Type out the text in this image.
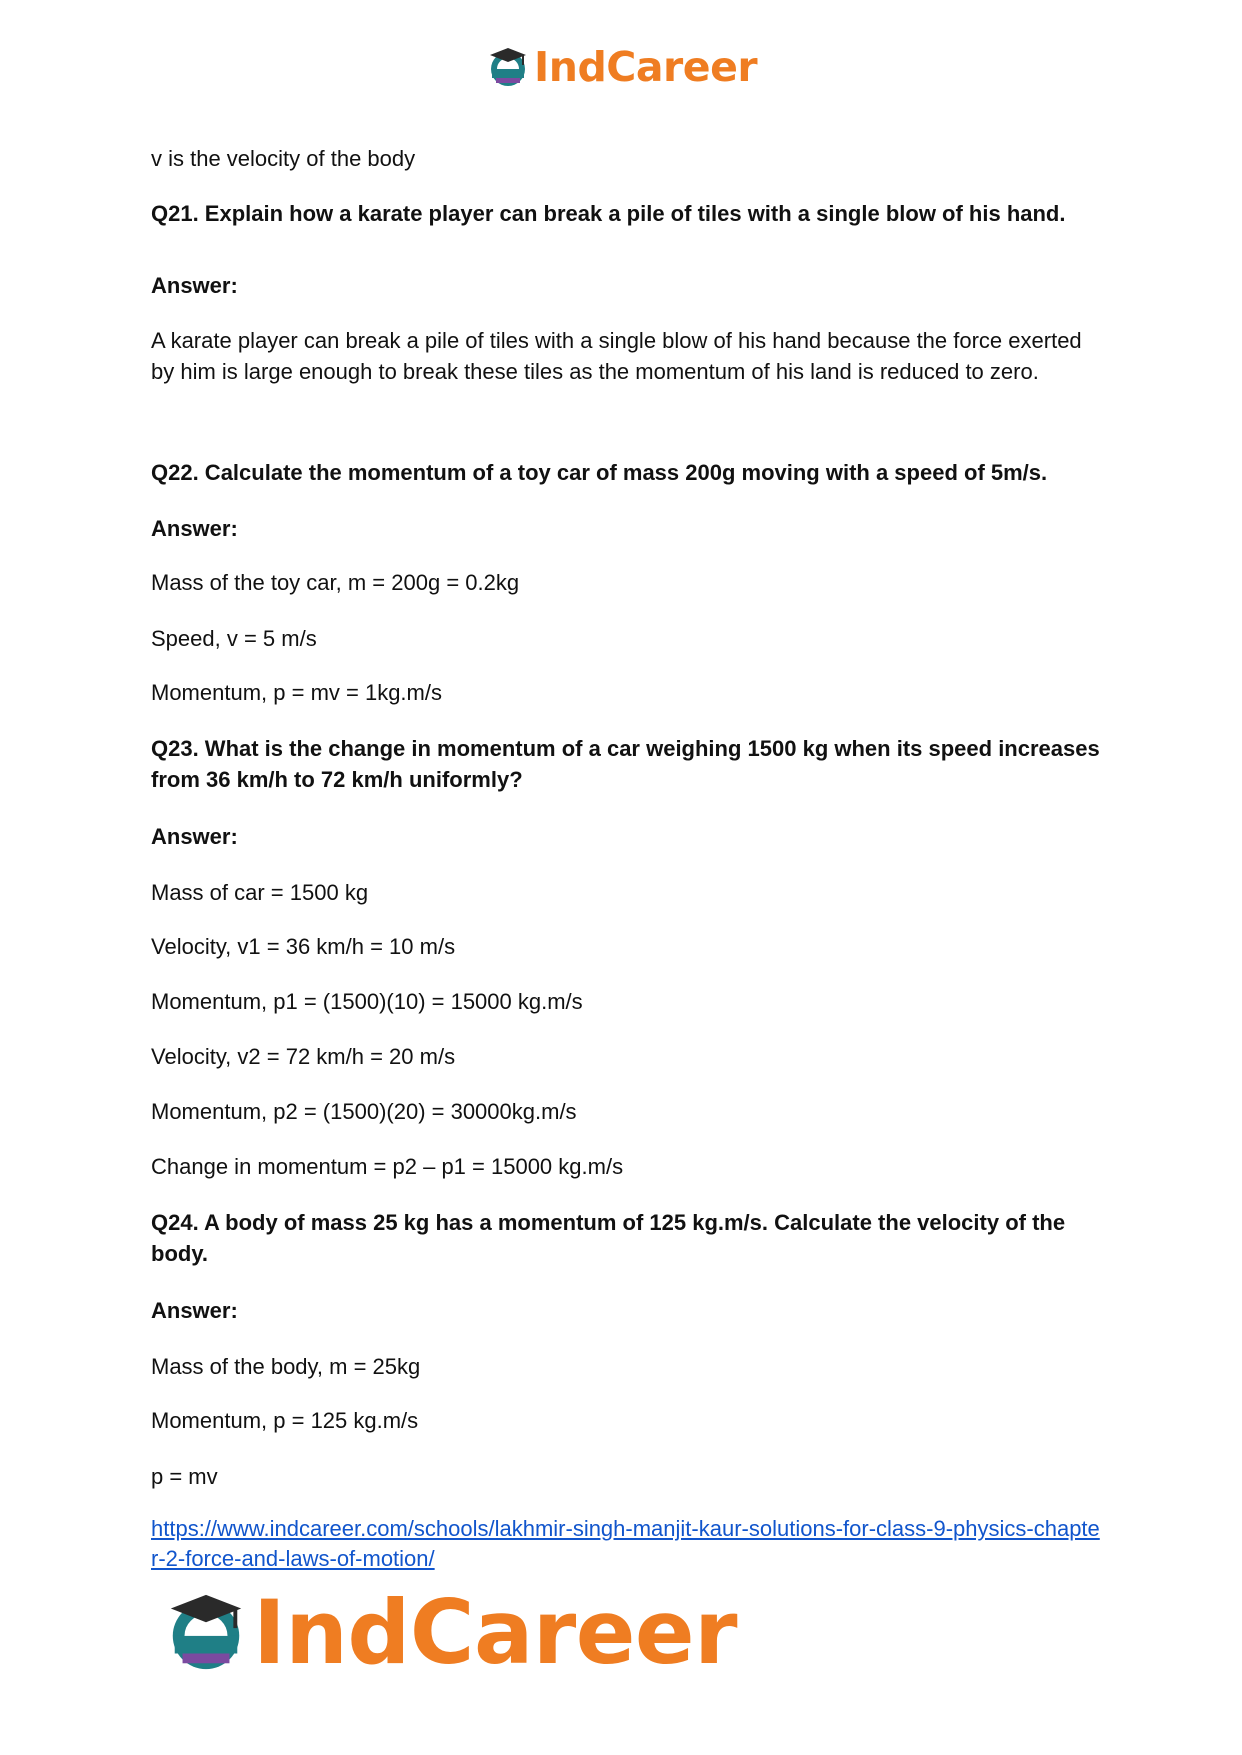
IndCareer

v is the velocity of the body

Q21. Explain how a karate player can break a pile of tiles with a single blow of his hand.

Answer:

A karate player can break a pile of tiles with a single blow of his hand because the force exerted by him is large enough to break these tiles as the momentum of his land is reduced to zero.

Q22. Calculate the momentum of a toy car of mass 200g moving with a speed of 5m/s.

Answer:

Mass of the toy car, m = 200g = 0.2kg

Speed, v = 5 m/s

Momentum, p = mv = 1kg.m/s

Q23. What is the change in momentum of a car weighing 1500 kg when its speed increases from 36 km/h to 72 km/h uniformly?

Answer:

Mass of car = 1500 kg

Velocity, v1 = 36 km/h = 10 m/s

Momentum, p1 = (1500)(10) = 15000 kg.m/s

Velocity, v2 = 72 km/h = 20 m/s

Momentum, p2 = (1500)(20) = 30000kg.m/s

Change in momentum = p2 – p1 = 15000 kg.m/s

Q24. A body of mass 25 kg has a momentum of 125 kg.m/s. Calculate the velocity of the body.

Answer:

Mass of the body, m = 25kg

Momentum, p = 125 kg.m/s

p = mv

https://www.indcareer.com/schools/lakhmir-singh-manjit-kaur-solutions-for-class-9-physics-chapter-2-force-and-laws-of-motion/
IndCareer
